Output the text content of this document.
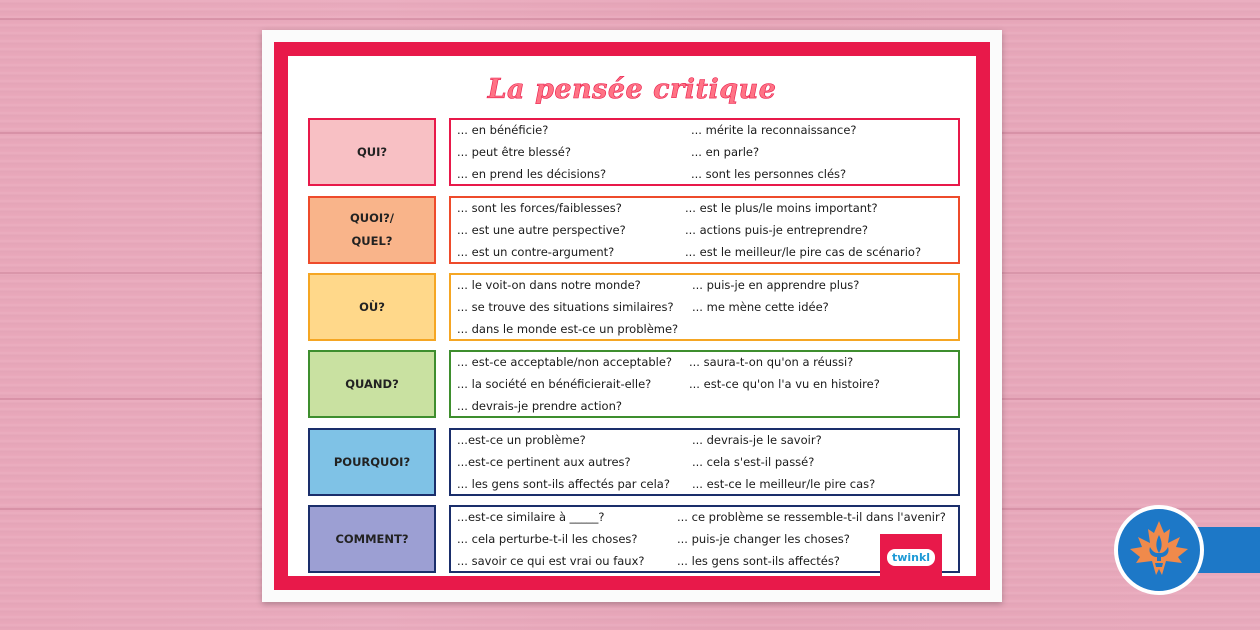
La pensée critique
QUI?
... en bénéficie?
... peut être blessé?
... en prend les décisions?
... mérite la reconnaissance?
... en parle?
... sont les personnes clés?
QUOI?/
QUEL?
... sont les forces/faiblesses?
... est une autre perspective?
... est un contre-argument?
... est le plus/le moins important?
... actions puis-je entreprendre?
... est le meilleur/le pire cas de scénario?
OÙ?
... le voit-on dans notre monde?
... se trouve des situations similaires?
... dans le monde est-ce un problème?
... puis-je en apprendre plus?
... me mène cette idée?
QUAND?
... est-ce acceptable/non acceptable?
... la société en bénéficierait-elle?
... devrais-je prendre action?
... saura-t-on qu'on a réussi?
... est-ce qu'on l'a vu en histoire?
POURQUOI?
...est-ce un problème?
...est-ce pertinent aux autres?
... les gens sont-ils affectés par cela?
... devrais-je le savoir?
... cela s'est-il passé?
... est-ce le meilleur/le pire cas?
COMMENT?
...est-ce similaire à _____?
... cela perturbe-t-il les choses?
... savoir ce qui est vrai ou faux?
... ce problème se ressemble-t-il dans l'avenir?
... puis-je changer les choses?
... les gens sont-ils affectés?	twinkl
